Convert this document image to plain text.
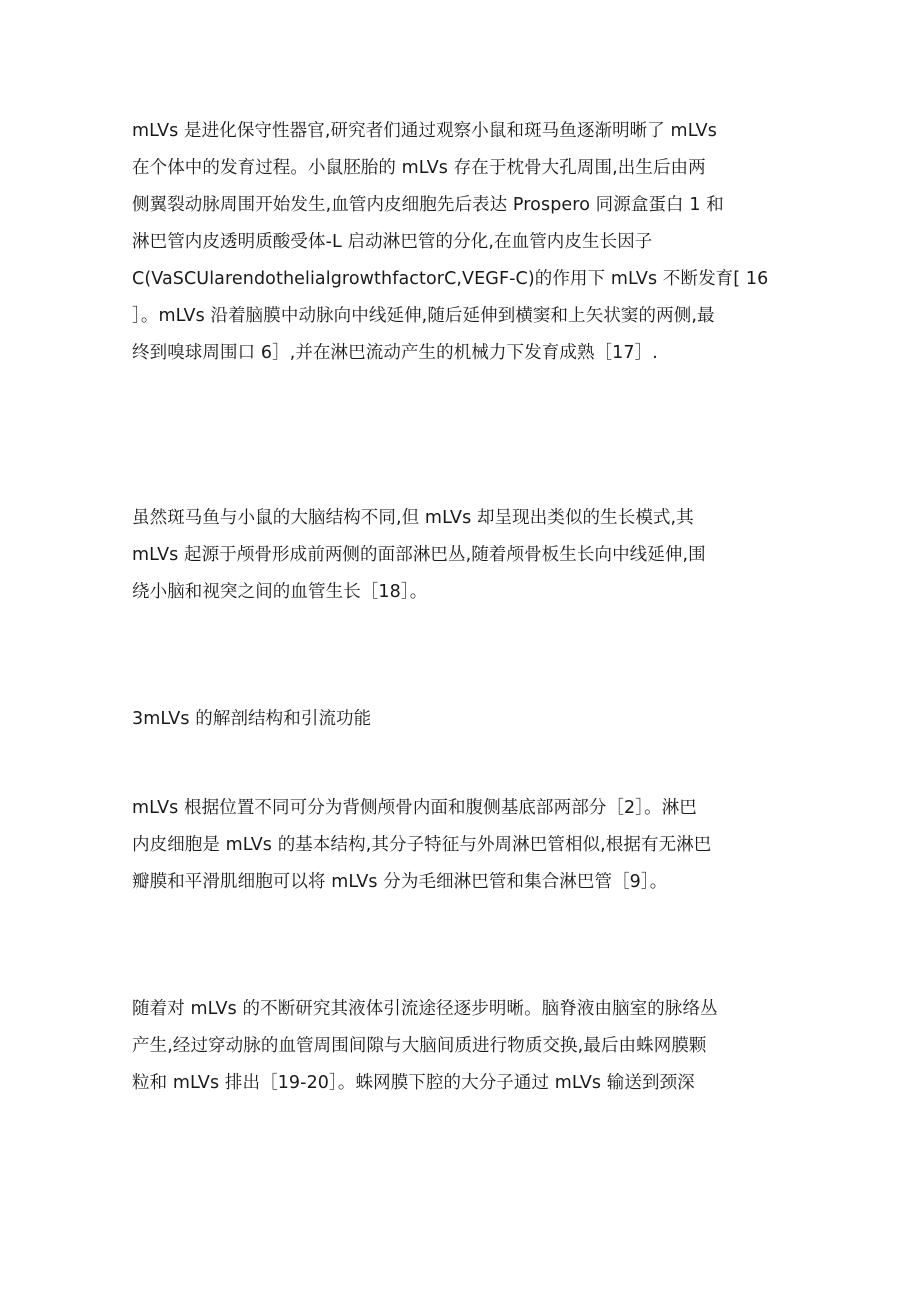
mLVs 是进化保守性器官,研究者们通过观察小鼠和斑马鱼逐渐明晰了 mLVs
在个体中的发育过程。小鼠胚胎的 mLVs 存在于枕骨大孔周围,出生后由两
侧翼裂动脉周围开始发生,血管内皮细胞先后表达 Prospero 同源盒蛋白 1 和
淋巴管内皮透明质酸受体-L 启动淋巴管的分化,在血管内皮生长因子
C(VaSCUlarendothelialgrowthfactorC,VEGF-C)的作用下 mLVs 不断发育[ 16
］。mLVs 沿着脑膜中动脉向中线延伸,随后延伸到横窦和上矢状窦的两侧,最
终到嗅球周围口 6］,并在淋巴流动产生的机械力下发育成熟［17］.
虽然斑马鱼与小鼠的大脑结构不同,但 mLVs 却呈现出类似的生长模式,其
mLVs 起源于颅骨形成前两侧的面部淋巴丛,随着颅骨板生长向中线延伸,围
绕小脑和视突之间的血管生长［18］。
3mLVs 的解剖结构和引流功能
mLVs 根据位置不同可分为背侧颅骨内面和腹侧基底部两部分［2］。淋巴
内皮细胞是 mLVs 的基本结构,其分子特征与外周淋巴管相似,根据有无淋巴
瓣膜和平滑肌细胞可以将 mLVs 分为毛细淋巴管和集合淋巴管［9］。
随着对 mLVs 的不断研究其液体引流途径逐步明晰。脑脊液由脑室的脉络丛
产生,经过穿动脉的血管周围间隙与大脑间质进行物质交换,最后由蛛网膜颗
粒和 mLVs 排出［19-20］。蛛网膜下腔的大分子通过 mLVs 输送到颈深
